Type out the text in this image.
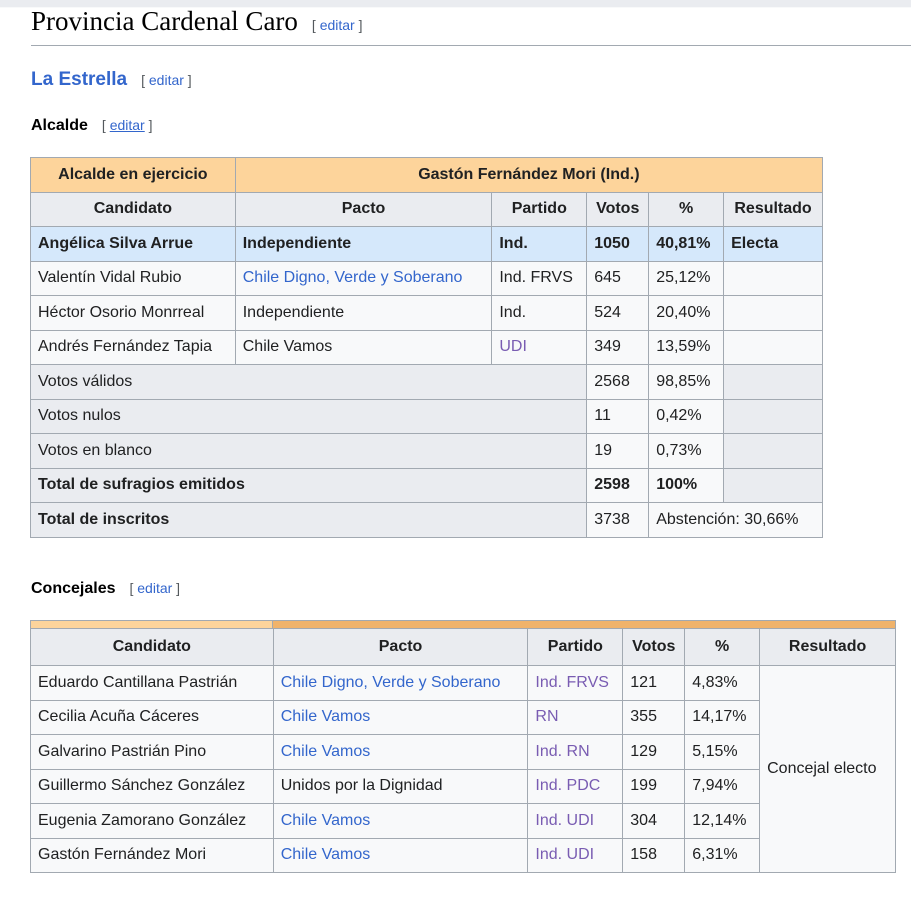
Provincia Cardenal Caro [ editar ]
La Estrella [ editar ]
Alcalde [ editar ]
Alcalde en ejercicio	Gastón Fernández Mori (Ind.)				
Candidato	Pacto	Partido	Votos	%	Resultado
Angélica Silva Arrue	Independiente	Ind.	1050	40,81%	Electa
Valentín Vidal Rubio	Chile Digno, Verde y Soberano	Ind. FRVS	645	25,12%	
Héctor Osorio Monrreal	Independiente	Ind.	524	20,40%	
Andrés Fernández Tapia	Chile Vamos	UDI	349	13,59%	
Votos válidos			2568	98,85%	
Votos nulos			11	0,42%	
Votos en blanco			19	0,73%	
Total de sufragios emitidos			2598	100%	
Total de inscritos			3738	Abstención: 30,66%	
Concejales [ editar ]
Candidato	Pacto	Partido	Votos	%	Resultado
Eduardo Cantillana Pastrián	Chile Digno, Verde y Soberano	Ind. FRVS	121	4,83%	Concejal electo
Cecilia Acuña Cáceres	Chile Vamos	RN	355	14,17%	
Galvarino Pastrián Pino	Chile Vamos	Ind. RN	129	5,15%	
Guillermo Sánchez González	Unidos por la Dignidad	Ind. PDC	199	7,94%	
Eugenia Zamorano González	Chile Vamos	Ind. UDI	304	12,14%	
Gastón Fernández Mori	Chile Vamos	Ind. UDI	158	6,31%	
